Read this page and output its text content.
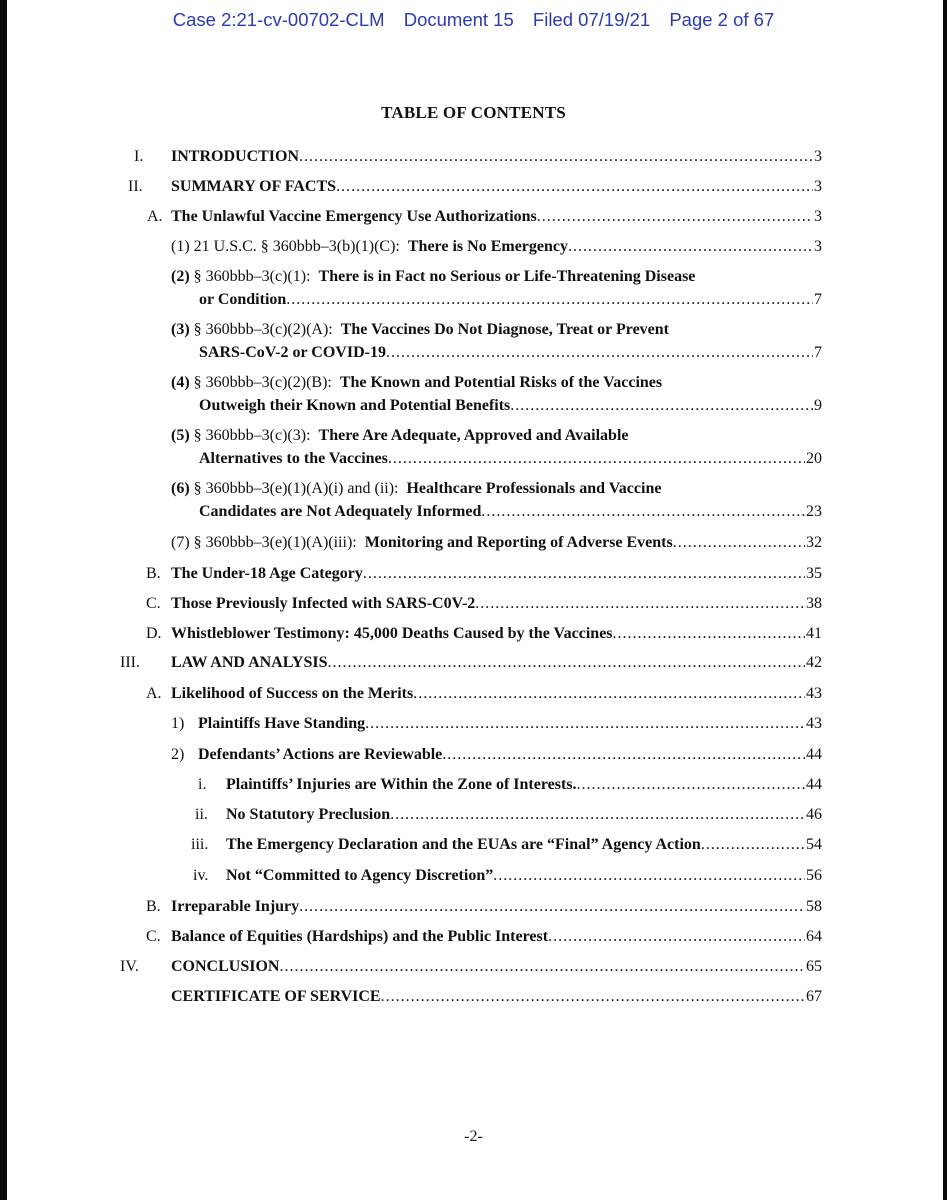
Case 2:21-cv-00702-CLM Document 15 Filed 07/19/21 Page 2 of 67
TABLE OF CONTENTS
I. INTRODUCTION .....	3
II. SUMMARY OF FACTS .....	3
A. The Unlawful Vaccine Emergency Use Authorizations .....	3
(1) 21 U.S.C. § 360bbb–3(b)(1)(C): There is No Emergency .....	3
(2) § 360bbb–3(c)(1): There is in Fact no Serious or Life-Threatening Disease
or Condition .....	7
(3) § 360bbb–3(c)(2)(A): The Vaccines Do Not Diagnose, Treat or Prevent
SARS-CoV-2 or COVID-19 .....	7
(4) § 360bbb–3(c)(2)(B): The Known and Potential Risks of the Vaccines
Outweigh their Known and Potential Benefits .....	9
(5) § 360bbb–3(c)(3): There Are Adequate, Approved and Available
Alternatives to the Vaccines .....	20
(6) § 360bbb–3(e)(1)(A)(i) and (ii): Healthcare Professionals and Vaccine
Candidates are Not Adequately Informed .....	23
(7) § 360bbb–3(e)(1)(A)(iii): Monitoring and Reporting of Adverse Events .....	32
B. The Under-18 Age Category .....	35
C. Those Previously Infected with SARS-C0V-2 .....	38
D. Whistleblower Testimony: 45,000 Deaths Caused by the Vaccines .....	41
III. LAW AND ANALYSIS .....	42
A. Likelihood of Success on the Merits .....	43
1) Plaintiffs Have Standing .....	43
2) Defendants’ Actions are Reviewable .....	44
i. Plaintiffs’ Injuries are Within the Zone of Interests. .....	44
ii. No Statutory Preclusion .....	46
iii. The Emergency Declaration and the EUAs are “Final” Agency Action .....	54
iv. Not “Committed to Agency Discretion” .....	56
B. Irreparable Injury .....	58
C. Balance of Equities (Hardships) and the Public Interest .....	64
IV. CONCLUSION .....	65
CERTIFICATE OF SERVICE .....	67
-2-
